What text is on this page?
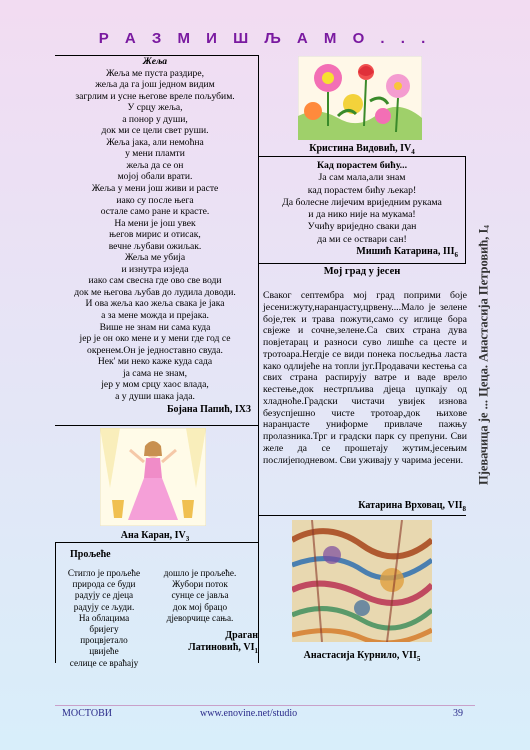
Р А З М И Ш Љ А М О . . .
Жеља
Жеља ме пуста раздире,
жеља да га још једном видим
загрлим и усне његове вреле пољубим.
У срцу жеља,
а понор у души,
док ми се цели свет руши.
Жеља јака, али немоћна
у мени пламти
жеља да се он
мојој обали врати.
Жеља у мени још живи и расте
иако су после њега
остале само ране и красте.
На мени је још увек
његов мирис и отисак,
вечне љубави ожиљак.
Жеља ме убија
и изнутра изједа
иако сам свесна где ово све води
док ме његова љубав до лудила доводи.
И ова жеља као жеља свака је јака
а за мене можда и прејака.
Више не знам ни сама куда
јер је он око мене и у мени где год се
окренем.Он је једноставно свуда.
Нек' ми неко каже куда сада
ја сама не знам,
јер у мом срцу хаос влада,
а у души шака јада.
Бојана Папић, IX3
Кристина Видовић, $IV_4$
Кад порастем бићу...
Ја сам мала,али знам
кад порастем бићу љекар!
Да болесне лијечим вриједним рукама
и да нико није на мукама!
Учићу вриједно сваки дан
да ми се оствари сан!
Мишић Катарина, $III_6$
Мој град у јесен
Сваког септембра мој град поприми боје јесени:жуту,наранџасту,црвену....Мало је зелене боје,тек и трава пожути,само су иглице бора свјеже и сочне,зелене.Са свих страна дува повјетарац и разноси суво лишће са цесте и тротоара.Негдје се види понека посљедња ласта како одлијеће на топли југ.Продавачи кестења са свих страна распирују ватре и ваде врело кестење,док нестрпљива дјеца цупкају од хладноће.Градски чистачи увијек изнова безуспјешно чисте тротоар,док њихове наранџасте униформе привлаче пажњу пролазника.Трг и градски парк су препуни. Сви желе да се прошетају жутим,јесењим послијеподневом. Сви уживају у чарима јесени.
Катарина Врховац, $VII_8$
Ана Каран, $IV_3$
Прољеће
Стигло је прољеће
природа се буди
радују се дјеца
радују се људи.
На облацима
бријегу
процвјетало
цвијеће
селице се враћају
дошло је прољеће.
Жубори поток
сунце се јавља
док мој брацо
дјеворчице сања.
Драган
Латиновић, $VI_1$	Анастасија Курнило, $VII_5$
Пјевачица је ... Цеца. Анастасија Петровић, $I_4$
МОСТОВИ	www.enovine.net/studio	39
